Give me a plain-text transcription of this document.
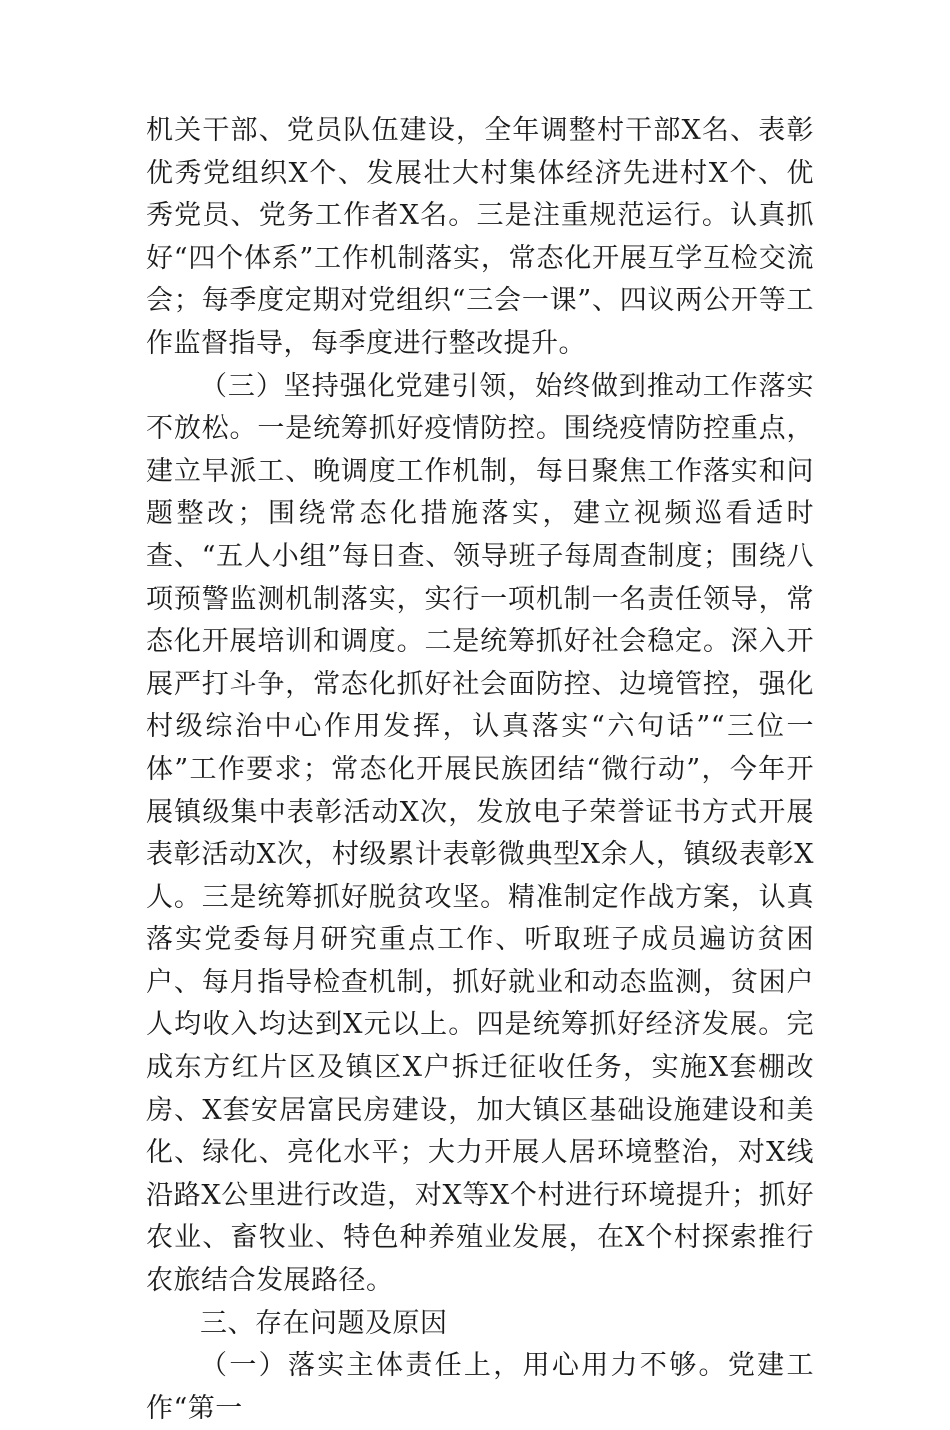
机关干部、党员队伍建设，全年调整村干部X名、表彰优秀党组织X个、发展壮大村集体经济先进村X个、优秀党员、党务工作者X名。三是注重规范运行。认真抓好“四个体系”工作机制落实，常态化开展互学互检交流会；每季度定期对党组织“三会一课”、四议两公开等工作监督指导，每季度进行整改提升。

（三）坚持强化党建引领，始终做到推动工作落实不放松。一是统筹抓好疫情防控。围绕疫情防控重点，建立早派工、晚调度工作机制，每日聚焦工作落实和问题整改；围绕常态化措施落实，建立视频巡看适时查、“五人小组”每日查、领导班子每周查制度；围绕八项预警监测机制落实，实行一项机制一名责任领导，常态化开展培训和调度。二是统筹抓好社会稳定。深入开展严打斗争，常态化抓好社会面防控、边境管控，强化村级综治中心作用发挥，认真落实“六句话”“三位一体”工作要求；常态化开展民族团结“微行动”，今年开展镇级集中表彰活动X次，发放电子荣誉证书方式开展表彰活动X次，村级累计表彰微典型X余人，镇级表彰X人。三是统筹抓好脱贫攻坚。精准制定作战方案，认真落实党委每月研究重点工作、听取班子成员遍访贫困户、每月指导检查机制，抓好就业和动态监测，贫困户人均收入均达到X元以上。四是统筹抓好经济发展。完成东方红片区及镇区X户拆迁征收任务，实施X套棚改房、X套安居富民房建设，加大镇区基础设施建设和美化、绿化、亮化水平；大力开展人居环境整治，对X线沿路X公里进行改造，对X等X个村进行环境提升；抓好农业、畜牧业、特色种养殖业发展，在X个村探索推行农旅结合发展路径。

三、存在问题及原因

（一）落实主体责任上，用心用力不够。党建工作“第一
